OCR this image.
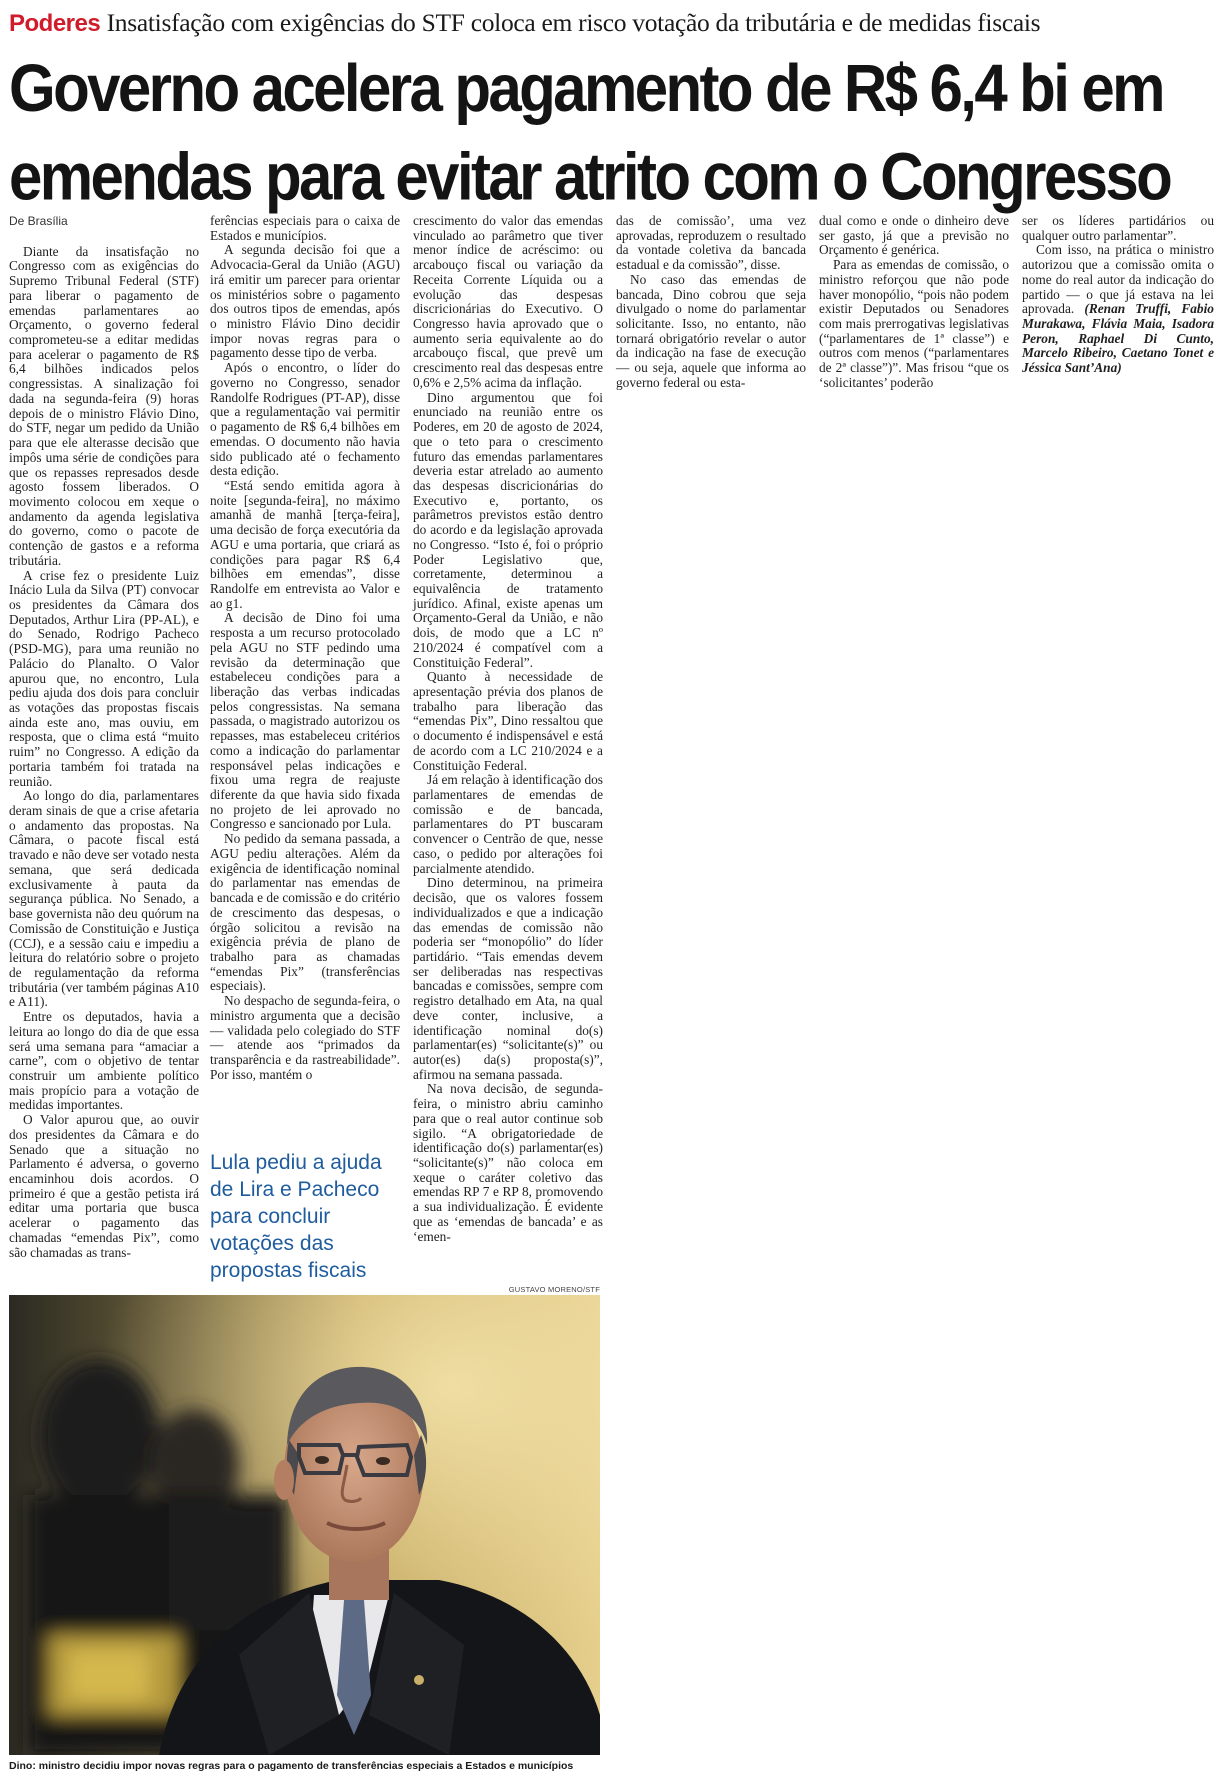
Poderes Insatisfação com exigências do STF coloca em risco votação da tributária e de medidas fiscais
Governo acelera pagamento de R$ 6,4 bi em
emendas para evitar atrito com o Congresso

De Brasília

Diante da insatisfação no Congresso com as exigências do Supremo Tribunal Federal (STF) para liberar o pagamento de emendas parlamentares ao Orçamento, o governo federal comprometeu-se a editar medidas para acelerar o pagamento de R$ 6,4 bilhões indicados pelos congressistas. A sinalização foi dada na segunda-feira (9) horas depois de o ministro Flávio Dino, do STF, negar um pedido da União para que ele alterasse decisão que impôs uma série de condições para que os repasses represados desde agosto fossem liberados. O movimento colocou em xeque o andamento da agenda legislativa do governo, como o pacote de contenção de gastos e a reforma tributária.

A crise fez o presidente Luiz Inácio Lula da Silva (PT) convocar os presidentes da Câmara dos Deputados, Arthur Lira (PP-AL), e do Senado, Rodrigo Pacheco (PSD-MG), para uma reunião no Palácio do Planalto. O Valor apurou que, no encontro, Lula pediu ajuda dos dois para concluir as votações das propostas fiscais ainda este ano, mas ouviu, em resposta, que o clima está “muito ruim” no Congresso. A edição da portaria também foi tratada na reunião.

Ao longo do dia, parlamentares deram sinais de que a crise afetaria o andamento das propostas. Na Câmara, o pacote fiscal está travado e não deve ser votado nesta semana, que será dedicada exclusivamente à pauta da segurança pública. No Senado, a base governista não deu quórum na Comissão de Constituição e Justiça (CCJ), e a sessão caiu e impediu a leitura do relatório sobre o projeto de regulamentação da reforma tributária (ver também páginas A10 e A11).

Entre os deputados, havia a leitura ao longo do dia de que essa será uma semana para “amaciar a carne”, com o objetivo de tentar construir um ambiente político mais propício para a votação de medidas importantes.

O Valor apurou que, ao ouvir dos presidentes da Câmara e do Senado que a situação no Parlamento é adversa, o governo encaminhou dois acordos. O primeiro é que a gestão petista irá editar uma portaria que busca acelerar o pagamento das chamadas “emendas Pix”, como são chamadas as trans-

ferências especiais para o caixa de Estados e municípios.

A segunda decisão foi que a Advocacia-Geral da União (AGU) irá emitir um parecer para orientar os ministérios sobre o pagamento dos outros tipos de emendas, após o ministro Flávio Dino decidir impor novas regras para o pagamento desse tipo de verba.

Após o encontro, o líder do governo no Congresso, senador Randolfe Rodrigues (PT-AP), disse que a regulamentação vai permitir o pagamento de R$ 6,4 bilhões em emendas. O documento não havia sido publicado até o fechamento desta edição.

“Está sendo emitida agora à noite [segunda-feira], no máximo amanhã de manhã [terça-feira], uma decisão de força executória da AGU e uma portaria, que criará as condições para pagar R$ 6,4 bilhões em emendas”, disse Randolfe em entrevista ao Valor e ao g1.

A decisão de Dino foi uma resposta a um recurso protocolado pela AGU no STF pedindo uma revisão da determinação que estabeleceu condições para a liberação das verbas indicadas pelos congressistas. Na semana passada, o magistrado autorizou os repasses, mas estabeleceu critérios como a indicação do parlamentar responsável pelas indicações e fixou uma regra de reajuste diferente da que havia sido fixada no projeto de lei aprovado no Congresso e sancionado por Lula.

No pedido da semana passada, a AGU pediu alterações. Além da exigência de identificação nominal do parlamentar nas emendas de bancada e de comissão e do critério de crescimento das despesas, o órgão solicitou a revisão na exigência prévia de plano de trabalho para as chamadas “emendas Pix” (transferências especiais).

No despacho de segunda-feira, o ministro argumenta que a decisão — validada pelo colegiado do STF — atende aos “primados da transparência e da rastreabilidade”. Por isso, mantém o

crescimento do valor das emendas vinculado ao parâmetro que tiver menor índice de acréscimo: ou arcabouço fiscal ou variação da Receita Corrente Líquida ou a evolução das despesas discricionárias do Executivo. O Congresso havia aprovado que o aumento seria equivalente ao do arcabouço fiscal, que prevê um crescimento real das despesas entre 0,6% e 2,5% acima da inflação.

Dino argumentou que foi enunciado na reunião entre os Poderes, em 20 de agosto de 2024, que o teto para o crescimento futuro das emendas parlamentares deveria estar atrelado ao aumento das despesas discricionárias do Executivo e, portanto, os parâmetros previstos estão dentro do acordo e da legislação aprovada no Congresso. “Isto é, foi o próprio Poder Legislativo que, corretamente, determinou a equivalência de tratamento jurídico. Afinal, existe apenas um Orçamento-Geral da União, e não dois, de modo que a LC nº 210/2024 é compatível com a Constituição Federal”.

Quanto à necessidade de apresentação prévia dos planos de trabalho para liberação das “emendas Pix”, Dino ressaltou que o documento é indispensável e está de acordo com a LC 210/2024 e a Constituição Federal.

Já em relação à identificação dos parlamentares de emendas de comissão e de bancada, parlamentares do PT buscaram convencer o Centrão de que, nesse caso, o pedido por alterações foi parcialmente atendido.

Dino determinou, na primeira decisão, que os valores fossem individualizados e que a indicação das emendas de comissão não poderia ser “monopólio” do líder partidário. “Tais emendas devem ser deliberadas nas respectivas bancadas e comissões, sempre com registro detalhado em Ata, na qual deve conter, inclusive, a identificação nominal do(s) parlamentar(es) “solicitante(s)” ou autor(es) da(s) proposta(s)”, afirmou na semana passada.

Na nova decisão, de segunda-feira, o ministro abriu caminho para que o real autor continue sob sigilo. “A obrigatoriedade de identificação do(s) parlamentar(es) “solicitante(s)” não coloca em xeque o caráter coletivo das emendas RP 7 e RP 8, promovendo a sua individualização. É evidente que as ‘emendas de bancada’ e as ‘emen-

das de comissão’, uma vez aprovadas, reproduzem o resultado da vontade coletiva da bancada estadual e da comissão”, disse.

No caso das emendas de bancada, Dino cobrou que seja divulgado o nome do parlamentar solicitante. Isso, no entanto, não tornará obrigatório revelar o autor da indicação na fase de execução — ou seja, aquele que informa ao governo federal ou esta-

dual como e onde o dinheiro deve ser gasto, já que a previsão no Orçamento é genérica.

Para as emendas de comissão, o ministro reforçou que não pode haver monopólio, “pois não podem existir Deputados ou Senadores com mais prerrogativas legislativas (“parlamentares de 1ª classe”) e outros com menos (“parlamentares de 2ª classe”)”. Mas frisou “que os ‘solicitantes’ poderão

ser os líderes partidários ou qualquer outro parlamentar”.

Com isso, na prática o ministro autorizou que a comissão omita o nome do real autor da indicação do partido — o que já estava na lei aprovada. (Renan Truffi, Fabio Murakawa, Flávia Maia, Isadora Peron, Raphael Di Cunto, Marcelo Ribeiro, Caetano Tonet e Jéssica Sant’Ana)

Lula pediu a ajuda de Lira e Pacheco para concluir votações das propostas fiscais

GUSTAVO MORENO/STF
Dino: ministro decidiu impor novas regras para o pagamento de transferências especiais a Estados e municípios
